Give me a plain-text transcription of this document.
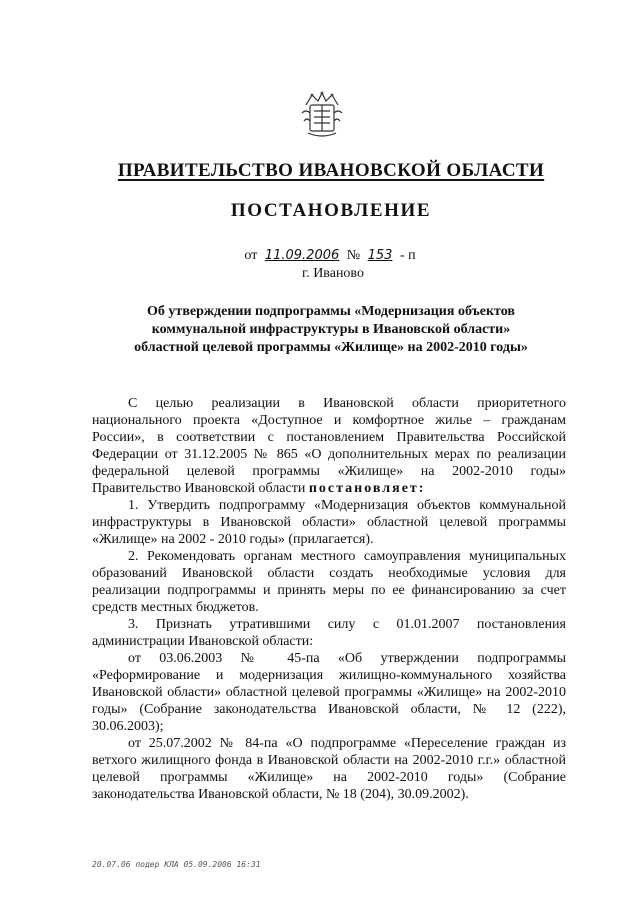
ПРАВИТЕЛЬСТВО ИВАНОВСКОЙ ОБЛАСТИ
ПОСТАНОВЛЕНИЕ
от 11.09.2006 № 153 - п
г. Иваново
Об утверждении подпрограммы «Модернизация объектов
коммунальной инфраструктуры в Ивановской области»
областной целевой программы «Жилище» на 2002-2010 годы»

С целью реализации в Ивановской области приоритетного национального проекта «Доступное и комфортное жилье – гражданам России», в соответствии с постановлением Правительства Российской Федерации от 31.12.2005 № 865 «О дополнительных мерах по реализации федеральной целевой программы «Жилище» на 2002-2010 годы» Правительство Ивановской области постановляет:

1. Утвердить подпрограмму «Модернизация объектов коммунальной инфраструктуры в Ивановской области» областной целевой программы «Жилище» на 2002 - 2010 годы» (прилагается).

2. Рекомендовать органам местного самоуправления муниципальных образований Ивановской области создать необходимые условия для реализации подпрограммы и принять меры по ее финансированию за счет средств местных бюджетов.

3. Признать утратившими силу с 01.01.2007 постановления администрации Ивановской области:

от 03.06.2003 № 45-па «Об утверждении подпрограммы «Реформирование и модернизация жилищно-коммунального хозяйства Ивановской области» областной целевой программы «Жилище» на 2002-2010 годы» (Собрание законодательства Ивановской области, № 12 (222), 30.06.2003);

от 25.07.2002 № 84-па «О подпрограмме «Переселение граждан из ветхого жилищного фонда в Ивановской области на 2002-2010 г.г.» областной целевой программы «Жилище» на 2002-2010 годы» (Собрание законодательства Ивановской области, № 18 (204), 30.09.2002).

20.07.06 подер КЛА 05.09.2006 16:31
